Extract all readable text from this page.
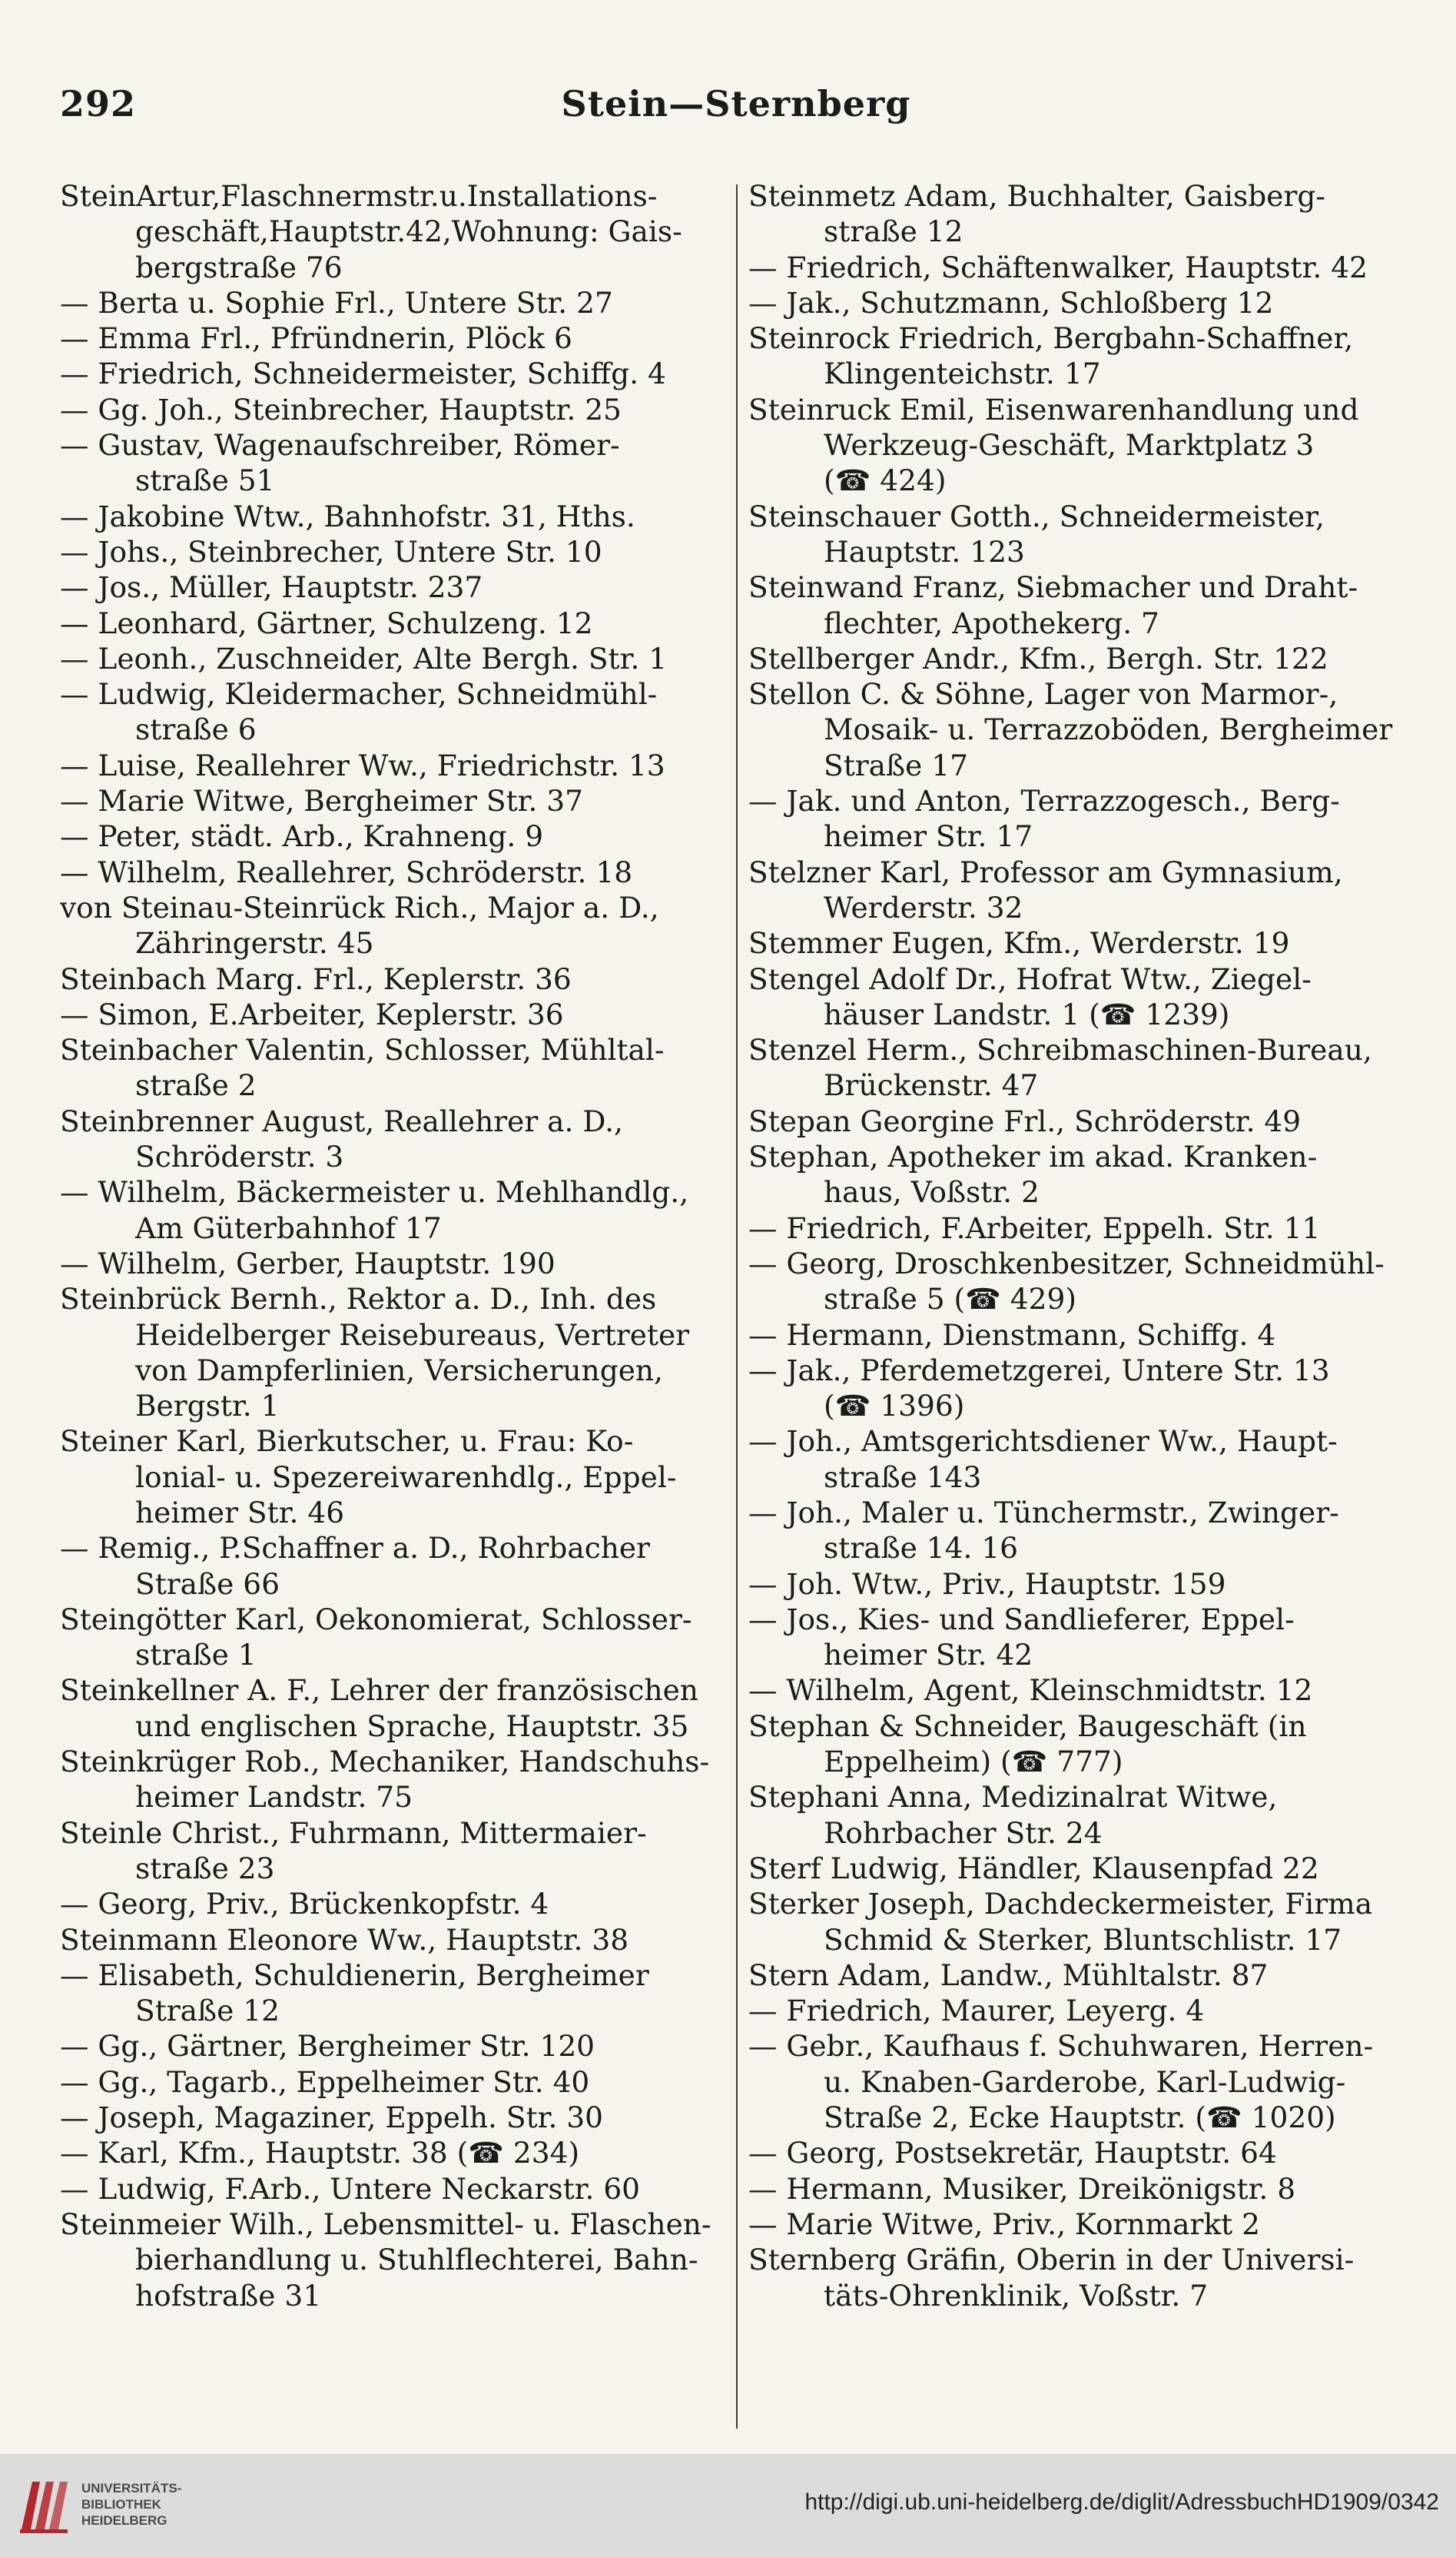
292	Stein—Sternberg
SteinArtur,Flaschnermstr.u.Installations-
geschäft,Hauptstr.42,Wohnung: Gais-
bergstraße 76
— Berta u. Sophie Frl., Untere Str. 27
— Emma Frl., Pfründnerin, Plöck 6
— Friedrich, Schneidermeister, Schiffg. 4
— Gg. Joh., Steinbrecher, Hauptstr. 25
— Gustav, Wagenaufschreiber, Römer-
straße 51
— Jakobine Wtw., Bahnhofstr. 31, Hths.
— Johs., Steinbrecher, Untere Str. 10
— Jos., Müller, Hauptstr. 237
— Leonhard, Gärtner, Schulzeng. 12
— Leonh., Zuschneider, Alte Bergh. Str. 1
— Ludwig, Kleidermacher, Schneidmühl-
straße 6
— Luise, Reallehrer Ww., Friedrichstr. 13
— Marie Witwe, Bergheimer Str. 37
— Peter, städt. Arb., Krahneng. 9
— Wilhelm, Reallehrer, Schröderstr. 18
von Steinau-Steinrück Rich., Major a. D.,
Zähringerstr. 45
Steinbach Marg. Frl., Keplerstr. 36
— Simon, E.Arbeiter, Keplerstr. 36
Steinbacher Valentin, Schlosser, Mühltal-
straße 2
Steinbrenner August, Reallehrer a. D.,
Schröderstr. 3
— Wilhelm, Bäckermeister u. Mehlhandlg.,
Am Güterbahnhof 17
— Wilhelm, Gerber, Hauptstr. 190
Steinbrück Bernh., Rektor a. D., Inh. des
Heidelberger Reisebureaus, Vertreter
von Dampferlinien, Versicherungen,
Bergstr. 1
Steiner Karl, Bierkutscher, u. Frau: Ko-
lonial- u. Spezereiwarenhdlg., Eppel-
heimer Str. 46
— Remig., P.Schaffner a. D., Rohrbacher
Straße 66
Steingötter Karl, Oekonomierat, Schlosser-
straße 1
Steinkellner A. F., Lehrer der französischen
und englischen Sprache, Hauptstr. 35
Steinkrüger Rob., Mechaniker, Handschuhs-
heimer Landstr. 75
Steinle Christ., Fuhrmann, Mittermaier-
straße 23
— Georg, Priv., Brückenkopfstr. 4
Steinmann Eleonore Ww., Hauptstr. 38
— Elisabeth, Schuldienerin, Bergheimer
Straße 12
— Gg., Gärtner, Bergheimer Str. 120
— Gg., Tagarb., Eppelheimer Str. 40
— Joseph, Magaziner, Eppelh. Str. 30
— Karl, Kfm., Hauptstr. 38 (☎ 234)
— Ludwig, F.Arb., Untere Neckarstr. 60
Steinmeier Wilh., Lebensmittel- u. Flaschen-
bierhandlung u. Stuhlflechterei, Bahn-
hofstraße 31
Steinmetz Adam, Buchhalter, Gaisberg-
straße 12
— Friedrich, Schäftenwalker, Hauptstr. 42
— Jak., Schutzmann, Schloßberg 12
Steinrock Friedrich, Bergbahn-Schaffner,
Klingenteichstr. 17
Steinruck Emil, Eisenwarenhandlung und
Werkzeug-Geschäft, Marktplatz 3
(☎ 424)
Steinschauer Gotth., Schneidermeister,
Hauptstr. 123
Steinwand Franz, Siebmacher und Draht-
flechter, Apothekerg. 7
Stellberger Andr., Kfm., Bergh. Str. 122
Stellon C. & Söhne, Lager von Marmor-,
Mosaik- u. Terrazzoböden, Bergheimer
Straße 17
— Jak. und Anton, Terrazzogesch., Berg-
heimer Str. 17
Stelzner Karl, Professor am Gymnasium,
Werderstr. 32
Stemmer Eugen, Kfm., Werderstr. 19
Stengel Adolf Dr., Hofrat Wtw., Ziegel-
häuser Landstr. 1 (☎ 1239)
Stenzel Herm., Schreibmaschinen-Bureau,
Brückenstr. 47
Stepan Georgine Frl., Schröderstr. 49
Stephan, Apotheker im akad. Kranken-
haus, Voßstr. 2
— Friedrich, F.Arbeiter, Eppelh. Str. 11
— Georg, Droschkenbesitzer, Schneidmühl-
straße 5 (☎ 429)
— Hermann, Dienstmann, Schiffg. 4
— Jak., Pferdemetzgerei, Untere Str. 13
(☎ 1396)
— Joh., Amtsgerichtsdiener Ww., Haupt-
straße 143
— Joh., Maler u. Tünchermstr., Zwinger-
straße 14. 16
— Joh. Wtw., Priv., Hauptstr. 159
— Jos., Kies- und Sandlieferer, Eppel-
heimer Str. 42
— Wilhelm, Agent, Kleinschmidtstr. 12
Stephan & Schneider, Baugeschäft (in
Eppelheim) (☎ 777)
Stephani Anna, Medizinalrat Witwe,
Rohrbacher Str. 24
Sterf Ludwig, Händler, Klausenpfad 22
Sterker Joseph, Dachdeckermeister, Firma
Schmid & Sterker, Bluntschlistr. 17
Stern Adam, Landw., Mühltalstr. 87
— Friedrich, Maurer, Leyerg. 4
— Gebr., Kaufhaus f. Schuhwaren, Herren-
u. Knaben-Garderobe, Karl-Ludwig-
Straße 2, Ecke Hauptstr. (☎ 1020)
— Georg, Postsekretär, Hauptstr. 64
— Hermann, Musiker, Dreikönigstr. 8
— Marie Witwe, Priv., Kornmarkt 2
Sternberg Gräfin, Oberin in der Universi-
täts-Ohrenklinik, Voßstr. 7
UNIVERSITÄTS-
BIBLIOTHEK
HEIDELBERG
http://digi.ub.uni-heidelberg.de/diglit/AdressbuchHD1909/0342
